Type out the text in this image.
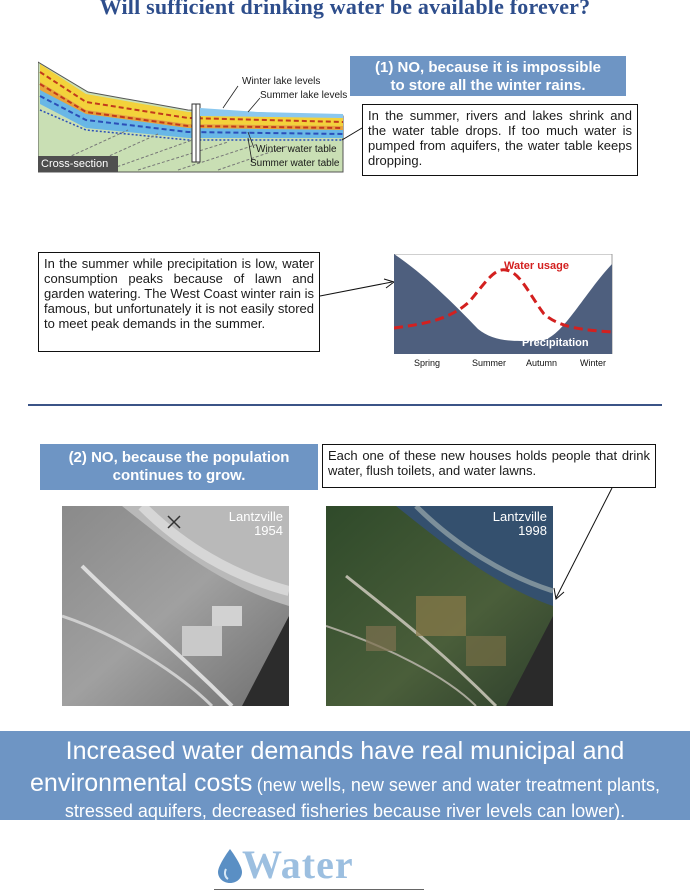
Will sufficient drinking water be available forever?
Winter lake levels
Summer lake levels
Winter water table
Summer water table
Cross-section
(1) NO, because it is impossible
to store all the winter rains.
In the summer, rivers and lakes shrink and the water table drops. If too much water is pumped from aquifers, the water table keeps dropping.
In the summer while precipitation is low, water consumption peaks because of lawn and garden watering. The West Coast winter rain is famous, but unfortunately it is not easily stored to meet peak demands in the summer.
Water usage
Precipitation
Spring	Summer Autumn	Winter
(2) NO, because the population
continues to grow.
Each one of these new houses holds people that drink water, flush toilets, and water lawns.
Lantzville
1954
Lantzville
1998
Increased water demands have real municipal and environmental costs (new wells, new sewer and water treatment plants, stressed aquifers, decreased fisheries because river levels can lower).
Water
